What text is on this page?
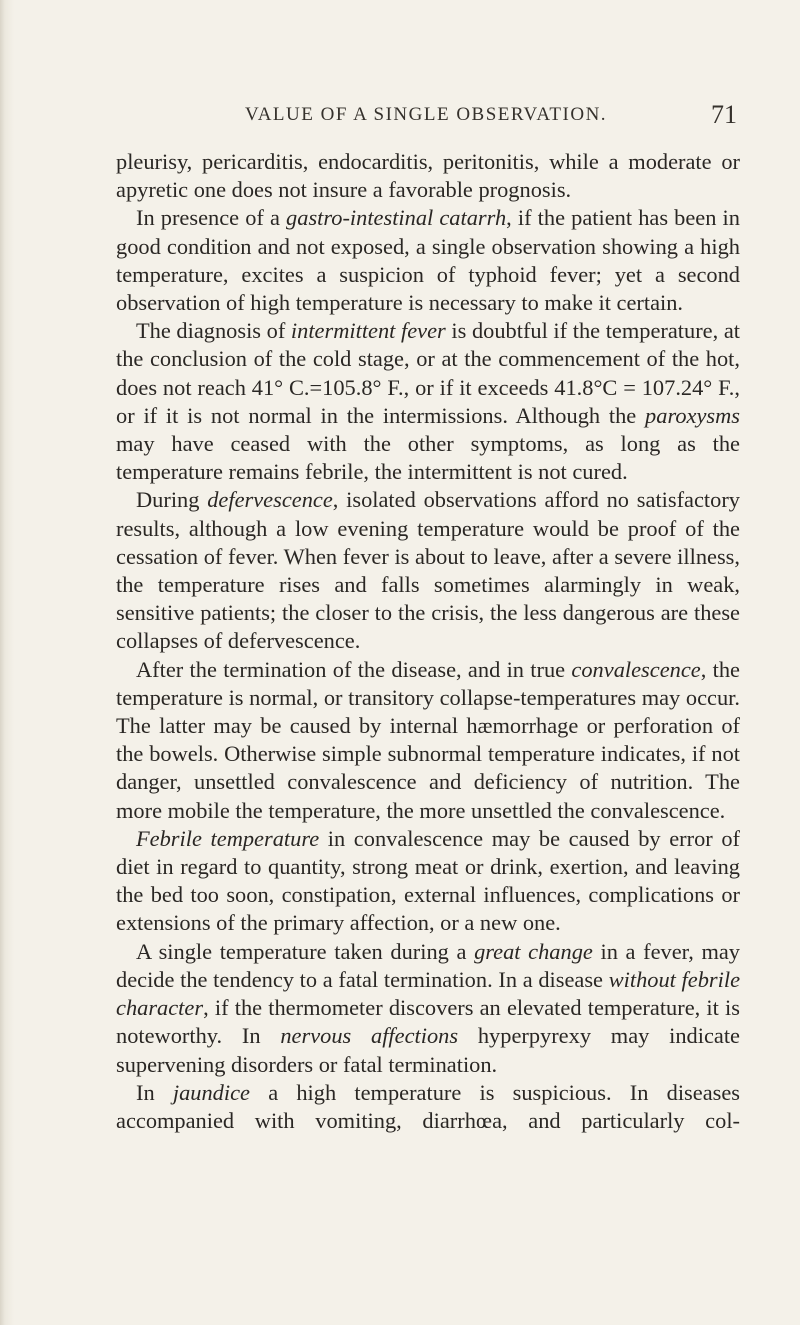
VALUE OF A SINGLE OBSERVATION.	71

pleurisy, pericarditis, endocarditis, peritonitis, while a moderate or apyretic one does not insure a favorable prognosis.

In presence of a gastro-intestinal catarrh, if the patient has been in good condition and not exposed, a single observation showing a high temperature, excites a suspicion of typhoid fever; yet a second observation of high temperature is necessary to make it certain.

The diagnosis of intermittent fever is doubtful if the temperature, at the conclusion of the cold stage, or at the commencement of the hot, does not reach 41° C.=105.8° F., or if it exceeds 41.8°C = 107.24° F., or if it is not normal in the intermissions. Although the paroxysms may have ceased with the other symptoms, as long as the temperature remains febrile, the intermittent is not cured.

During defervescence, isolated observations afford no satisfactory results, although a low evening temperature would be proof of the cessation of fever. When fever is about to leave, after a severe illness, the temperature rises and falls sometimes alarmingly in weak, sensitive patients; the closer to the crisis, the less dangerous are these collapses of defervescence.

After the termination of the disease, and in true convalescence, the temperature is normal, or transitory collapse-temperatures may occur. The latter may be caused by internal hæmorrhage or perforation of the bowels. Otherwise simple subnormal temperature indicates, if not danger, unsettled convalescence and deficiency of nutrition. The more mobile the temperature, the more unsettled the convalescence.

Febrile temperature in convalescence may be caused by error of diet in regard to quantity, strong meat or drink, exertion, and leaving the bed too soon, constipation, external influences, complications or extensions of the primary affection, or a new one.

A single temperature taken during a great change in a fever, may decide the tendency to a fatal termination. In a disease without febrile character, if the thermometer discovers an elevated temperature, it is noteworthy. In nervous affections hyperpyrexy may indicate supervening disorders or fatal termination.

In jaundice a high temperature is suspicious. In diseases accompanied with vomiting, diarrhœa, and particularly col-
